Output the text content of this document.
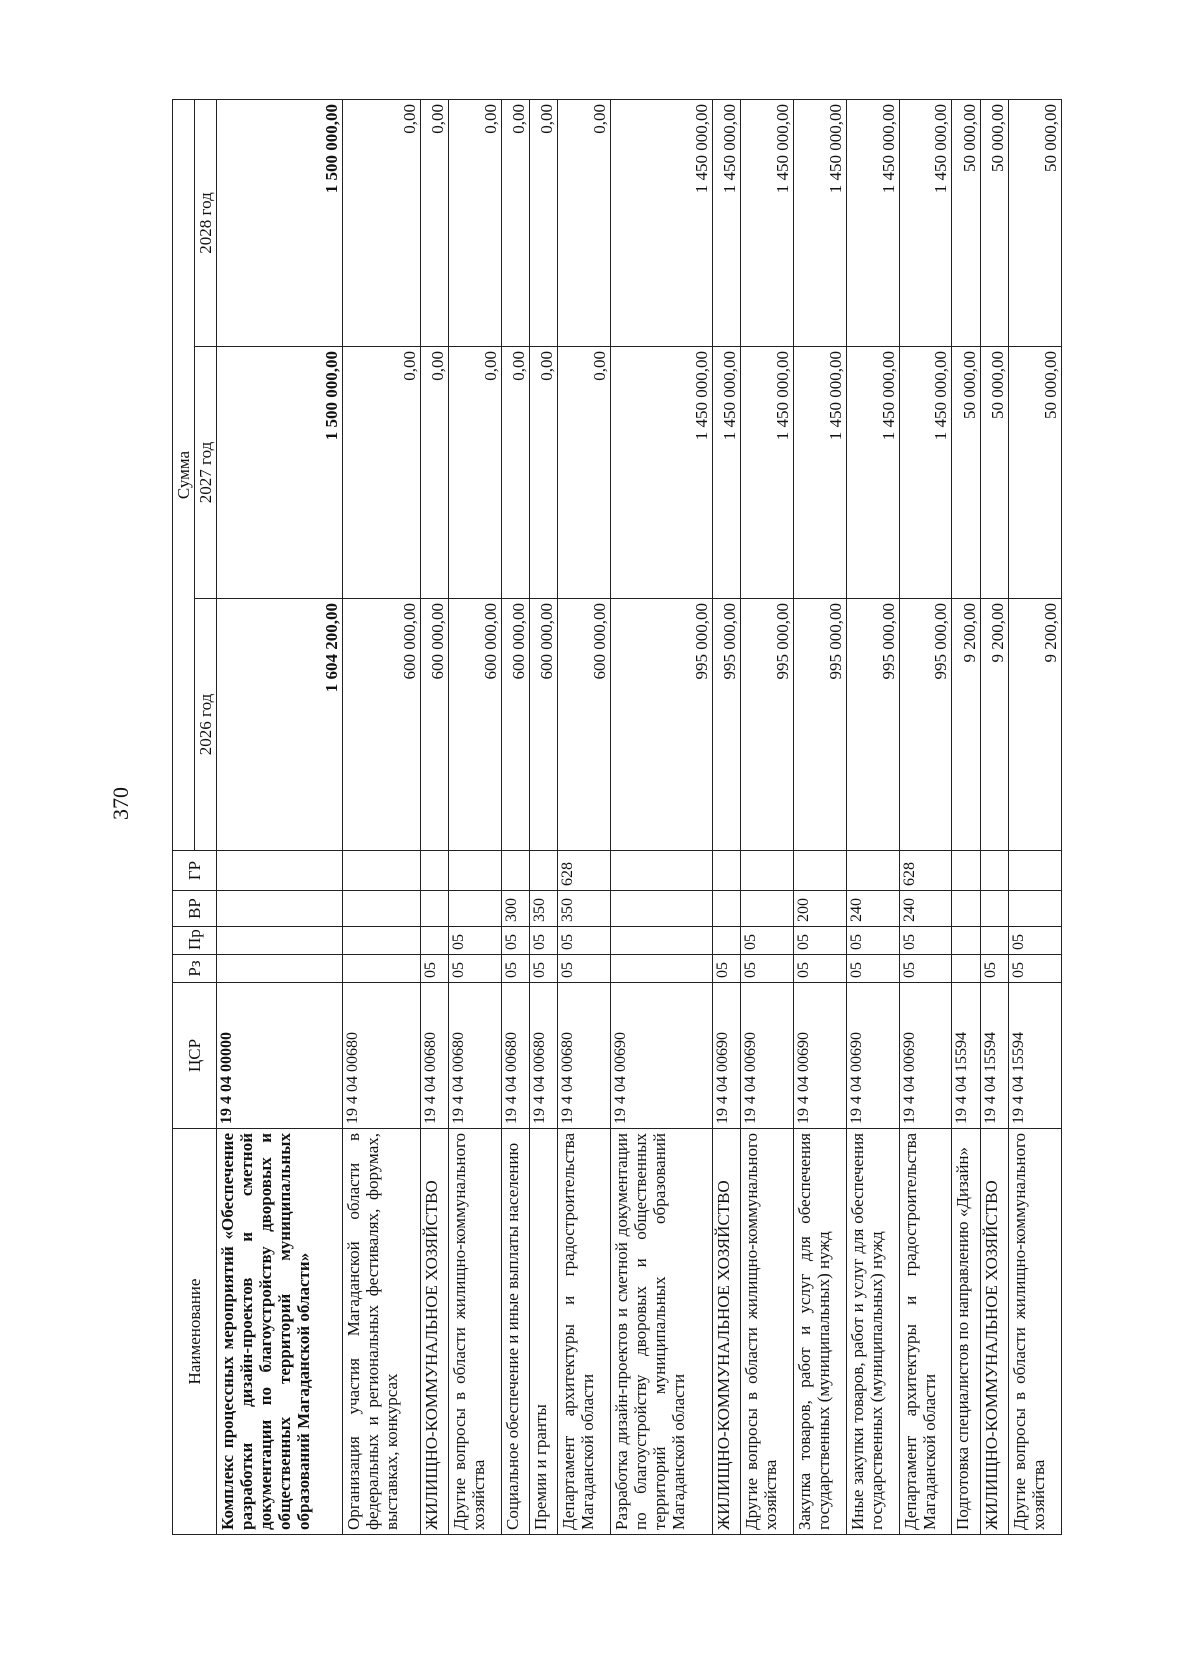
370
Наименование	ЦСР	Рз	Пр	ВР	ГР	Сумма		
						2026 год	2027 год	2028 год
Комплекс процессных мероприятий «Обеспечение разработки дизайн-проектов и сметной документации по благоустройству дворовых и общественных территорий муниципальных образований Магаданской области»	19 4 04 00000					1 604 200,00	1 500 000,00	1 500 000,00
Организация участия Магаданской области в федеральных и региональных фестивалях, форумах, выставках, конкурсах	19 4 04 00680					600 000,00	0,00	0,00
ЖИЛИЩНО-КОММУНАЛЬНОЕ ХОЗЯЙСТВО	19 4 04 00680	05				600 000,00	0,00	0,00
Другие вопросы в области жилищно-коммунального хозяйства	19 4 04 00680	05	05			600 000,00	0,00	0,00
Социальное обеспечение и иные выплаты населению	19 4 04 00680	05	05	300		600 000,00	0,00	0,00
Премии и гранты	19 4 04 00680	05	05	350		600 000,00	0,00	0,00
Департамент архитектуры и градостроительства Магаданской области	19 4 04 00680	05	05	350	628	600 000,00	0,00	0,00
Разработка дизайн-проектов и сметной документации по благоустройству дворовых и общественных территорий муниципальных образований Магаданской области	19 4 04 00690					995 000,00	1 450 000,00	1 450 000,00
ЖИЛИЩНО-КОММУНАЛЬНОЕ ХОЗЯЙСТВО	19 4 04 00690	05				995 000,00	1 450 000,00	1 450 000,00
Другие вопросы в области жилищно-коммунального хозяйства	19 4 04 00690	05	05			995 000,00	1 450 000,00	1 450 000,00
Закупка товаров, работ и услуг для обеспечения государственных (муниципальных) нужд	19 4 04 00690	05	05	200		995 000,00	1 450 000,00	1 450 000,00
Иные закупки товаров, работ и услуг для обеспечения государственных (муниципальных) нужд	19 4 04 00690	05	05	240		995 000,00	1 450 000,00	1 450 000,00
Департамент архитектуры и градостроительства Магаданской области	19 4 04 00690	05	05	240	628	995 000,00	1 450 000,00	1 450 000,00
Подготовка специалистов по направлению «Дизайн»	19 4 04 15594					9 200,00	50 000,00	50 000,00
ЖИЛИЩНО-КОММУНАЛЬНОЕ ХОЗЯЙСТВО	19 4 04 15594	05				9 200,00	50 000,00	50 000,00
Другие вопросы в области жилищно-коммунального хозяйства	19 4 04 15594	05	05			9 200,00	50 000,00	50 000,00
